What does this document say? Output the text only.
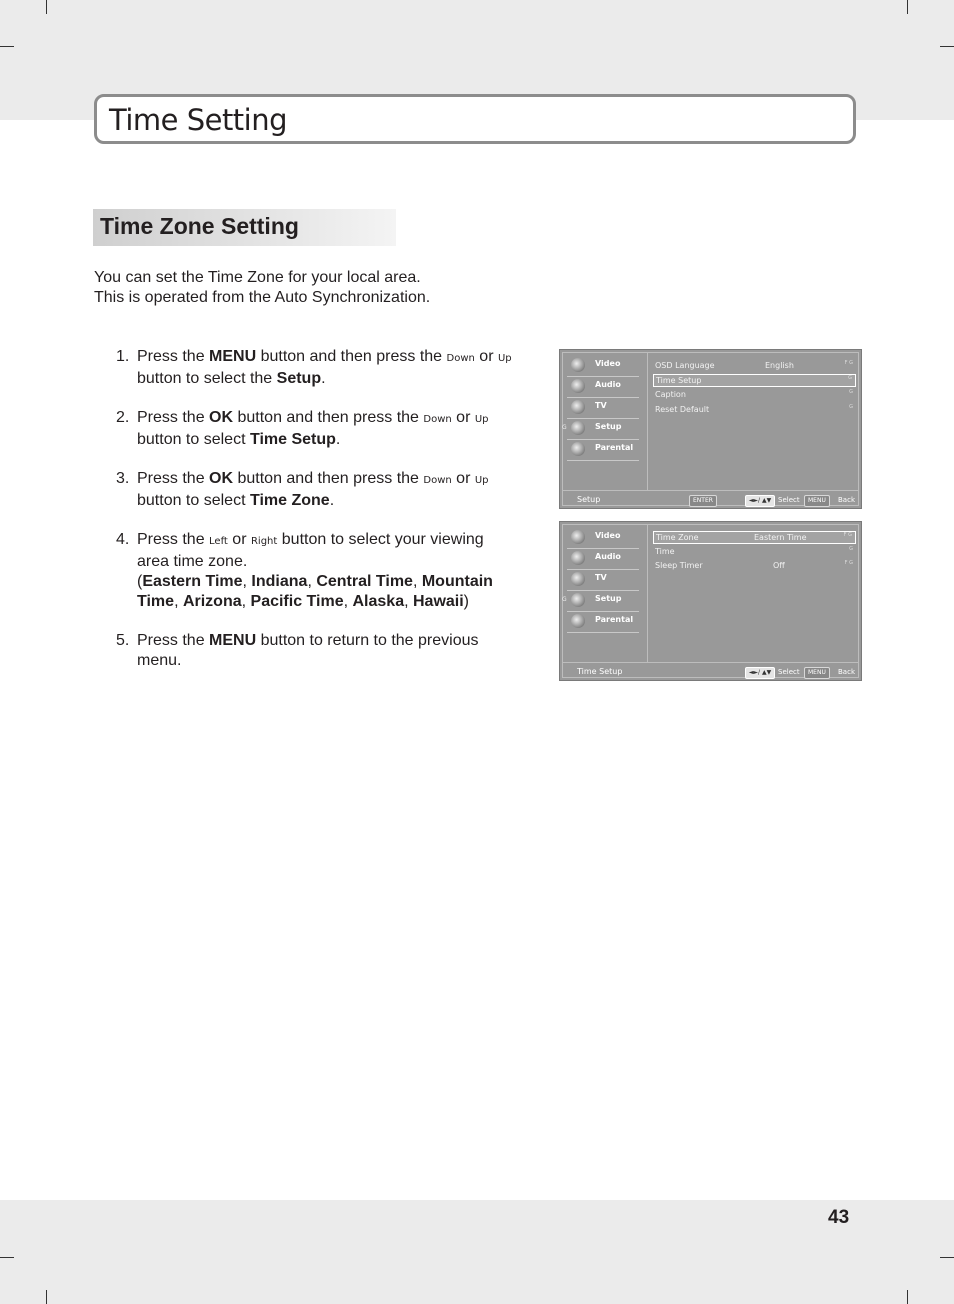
Time Setting
Time Zone Setting
You can set the Time Zone for your local area.
This is operated from the Auto Synchronization.
1. Press the MENU button and then press the Down or Up button to select the Setup.
2. Press the OK button and then press the Down or Up button to select Time Setup.
3. Press the OK button and then press the Down or Up button to select Time Zone.
4. Press the Left or Right button to select your viewing area time zone.
(Eastern Time, Indiana, Central Time, Mountain Time, Arizona, Pacific Time, Alaska, Hawaii)
5. Press the MENU button to return to the previous menu.
Video
Audio
TV
G	Setup
Parental
OSD Language	English	F G
Time Setup	G
Caption	G
Reset Default	G
Setup	ENTER	◄►/ ▲▼ Select	MENU	Back
Video
Audio
TV
G	Setup
Parental
Time Zone	Eastern Time	F G
Time	G
Sleep Timer	Off	F G
Time Setup	◄►/ ▲▼ Select	MENU	Back
43
